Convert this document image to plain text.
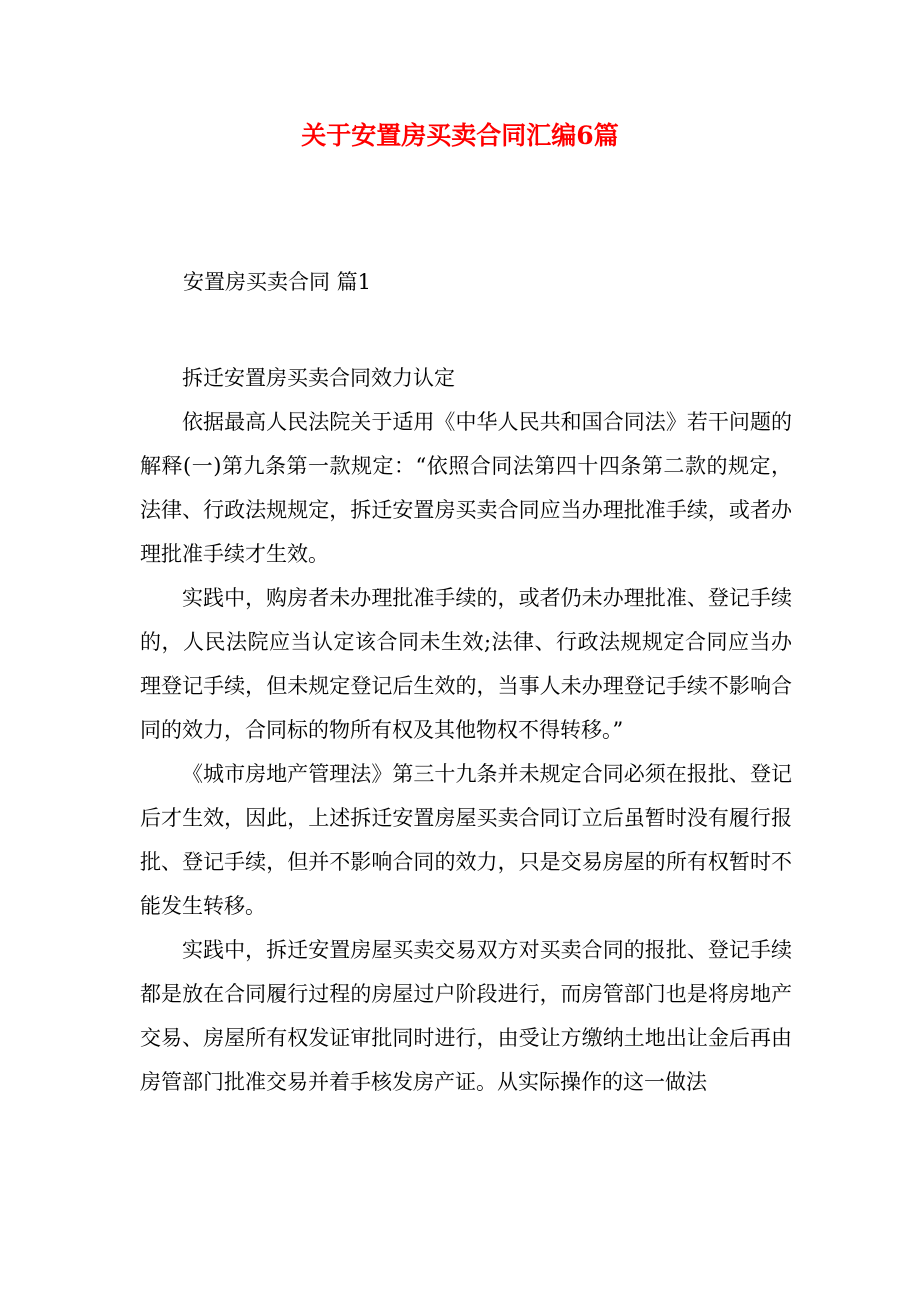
关于安置房买卖合同汇编6篇
安置房买卖合同 篇1

拆迁安置房买卖合同效力认定

依据最高人民法院关于适用《中华人民共和国合同法》若干问题的解释(一)第九条第一款规定：“依照合同法第四十四条第二款的规定，法律、行政法规规定，拆迁安置房买卖合同应当办理批准手续，或者办理批准手续才生效。

实践中，购房者未办理批准手续的，或者仍未办理批准、登记手续的，人民法院应当认定该合同未生效;法律、行政法规规定合同应当办理登记手续，但未规定登记后生效的，当事人未办理登记手续不影响合同的效力，合同标的物所有权及其他物权不得转移。”

《城市房地产管理法》第三十九条并未规定合同必须在报批、登记后才生效，因此，上述拆迁安置房屋买卖合同订立后虽暂时没有履行报批、登记手续，但并不影响合同的效力，只是交易房屋的所有权暂时不能发生转移。

实践中，拆迁安置房屋买卖交易双方对买卖合同的报批、登记手续都是放在合同履行过程的房屋过户阶段进行，而房管部门也是将房地产交易、房屋所有权发证审批同时进行，由受让方缴纳土地出让金后再由房管部门批准交易并着手核发房产证。从实际操作的这一做法
